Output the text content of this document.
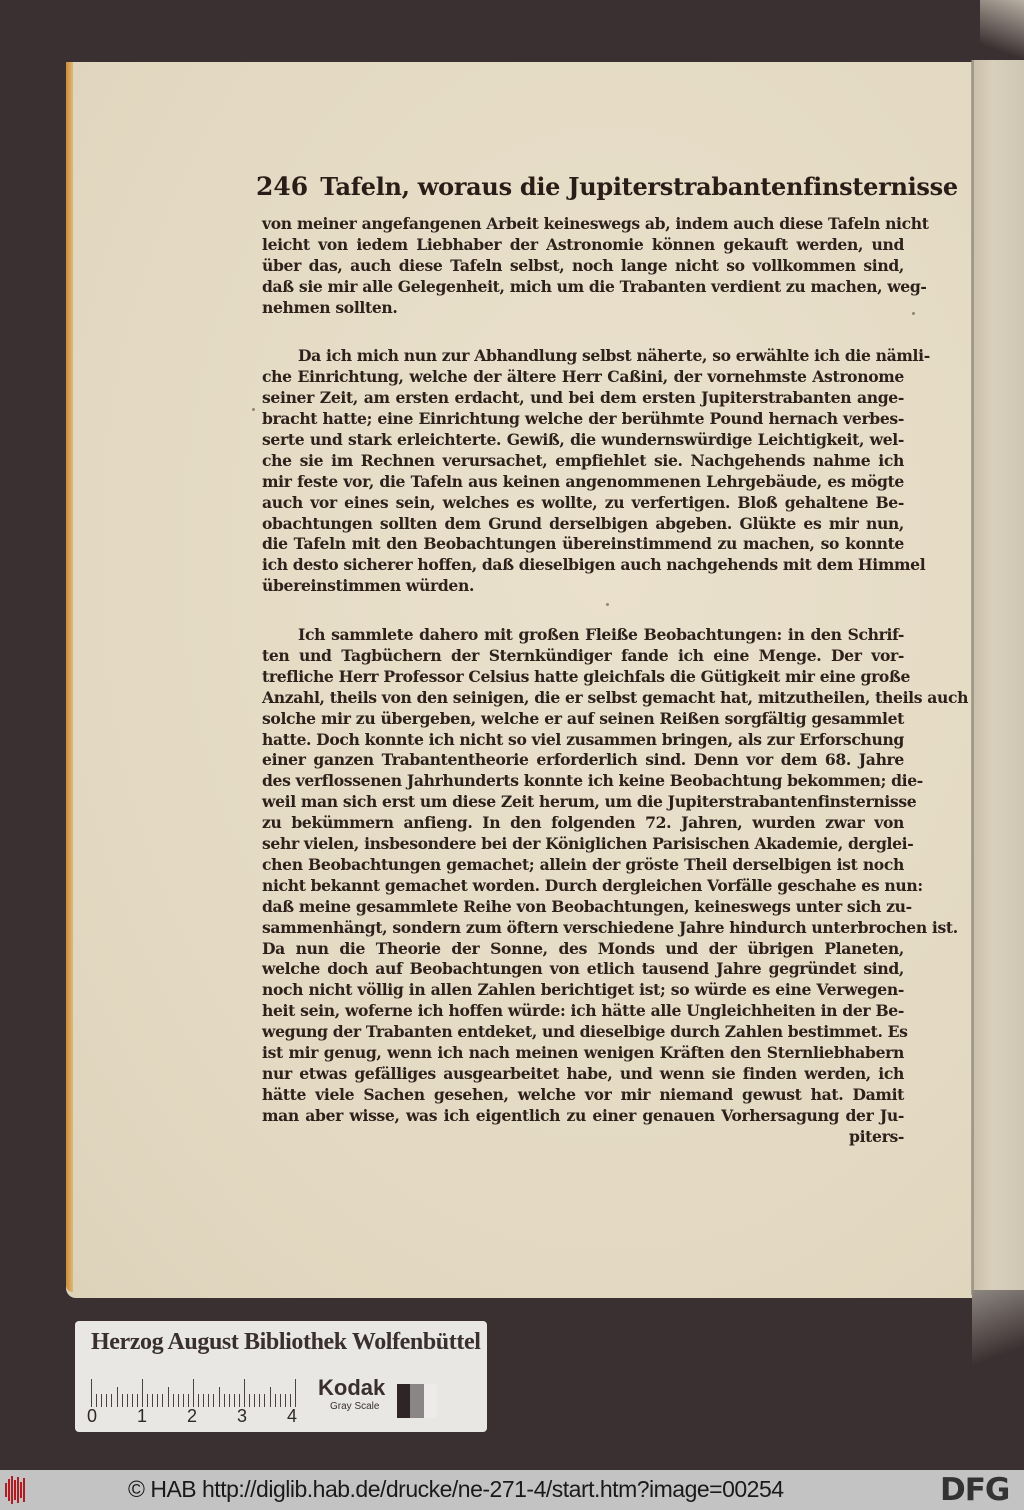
246 Tafeln, woraus die Jupiterstrabantenfinsternisse
von meiner angefangenen Arbeit keineswegs ab, indem auch diese Tafeln nicht
leicht von iedem Liebhaber der Astronomie können gekauft werden, und
über das, auch diese Tafeln selbst, noch lange nicht so vollkommen sind,
daß sie mir alle Gelegenheit, mich um die Trabanten verdient zu machen, weg-
nehmen sollten.
Da ich mich nun zur Abhandlung selbst näherte, so erwählte ich die nämli-
che Einrichtung, welche der ältere Herr Caßini, der vornehmste Astronome
seiner Zeit, am ersten erdacht, und bei dem ersten Jupiterstrabanten ange-
bracht hatte; eine Einrichtung welche der berühmte Pound hernach verbes-
serte und stark erleichterte. Gewiß, die wundernswürdige Leichtigkeit, wel-
che sie im Rechnen verursachet, empfiehlet sie. Nachgehends nahme ich
mir feste vor, die Tafeln aus keinen angenommenen Lehrgebäude, es mögte
auch vor eines sein, welches es wollte, zu verfertigen. Bloß gehaltene Be-
obachtungen sollten dem Grund derselbigen abgeben. Glükte es mir nun,
die Tafeln mit den Beobachtungen übereinstimmend zu machen, so konnte
ich desto sicherer hoffen, daß dieselbigen auch nachgehends mit dem Himmel
übereinstimmen würden.
Ich sammlete dahero mit großen Fleiße Beobachtungen: in den Schrif-
ten und Tagbüchern der Sternkündiger fande ich eine Menge. Der vor-
trefliche Herr Professor Celsius hatte gleichfals die Gütigkeit mir eine große
Anzahl, theils von den seinigen, die er selbst gemacht hat, mitzutheilen, theils auch
solche mir zu übergeben, welche er auf seinen Reißen sorgfältig gesammlet
hatte. Doch konnte ich nicht so viel zusammen bringen, als zur Erforschung
einer ganzen Trabantentheorie erforderlich sind. Denn vor dem 68. Jahre
des verflossenen Jahrhunderts konnte ich keine Beobachtung bekommen; die-
weil man sich erst um diese Zeit herum, um die Jupiterstrabantenfinsternisse
zu bekümmern anfieng. In den folgenden 72. Jahren, wurden zwar von
sehr vielen, insbesondere bei der Königlichen Parisischen Akademie, derglei-
chen Beobachtungen gemachet; allein der gröste Theil derselbigen ist noch
nicht bekannt gemachet worden. Durch dergleichen Vorfälle geschahe es nun:
daß meine gesammlete Reihe von Beobachtungen, keineswegs unter sich zu-
sammenhängt, sondern zum öftern verschiedene Jahre hindurch unterbrochen ist.
Da nun die Theorie der Sonne, des Monds und der übrigen Planeten,
welche doch auf Beobachtungen von etlich tausend Jahre gegründet sind,
noch nicht völlig in allen Zahlen berichtiget ist; so würde es eine Verwegen-
heit sein, woferne ich hoffen würde: ich hätte alle Ungleichheiten in der Be-
wegung der Trabanten entdeket, und dieselbige durch Zahlen bestimmet. Es
ist mir genug, wenn ich nach meinen wenigen Kräften den Sternliebhabern
nur etwas gefälliges ausgearbeitet habe, und wenn sie finden werden, ich
hätte viele Sachen gesehen, welche vor mir niemand gewust hat. Damit
man aber wisse, was ich eigentlich zu einer genauen Vorhersagung der Ju-
piters-
Herzog August Bibliothek Wolfenbüttel
0 1 2 3 4
Kodak
Gray Scale
© HAB http://diglib.hab.de/drucke/ne-271-4/start.htm?image=00254	DFG
